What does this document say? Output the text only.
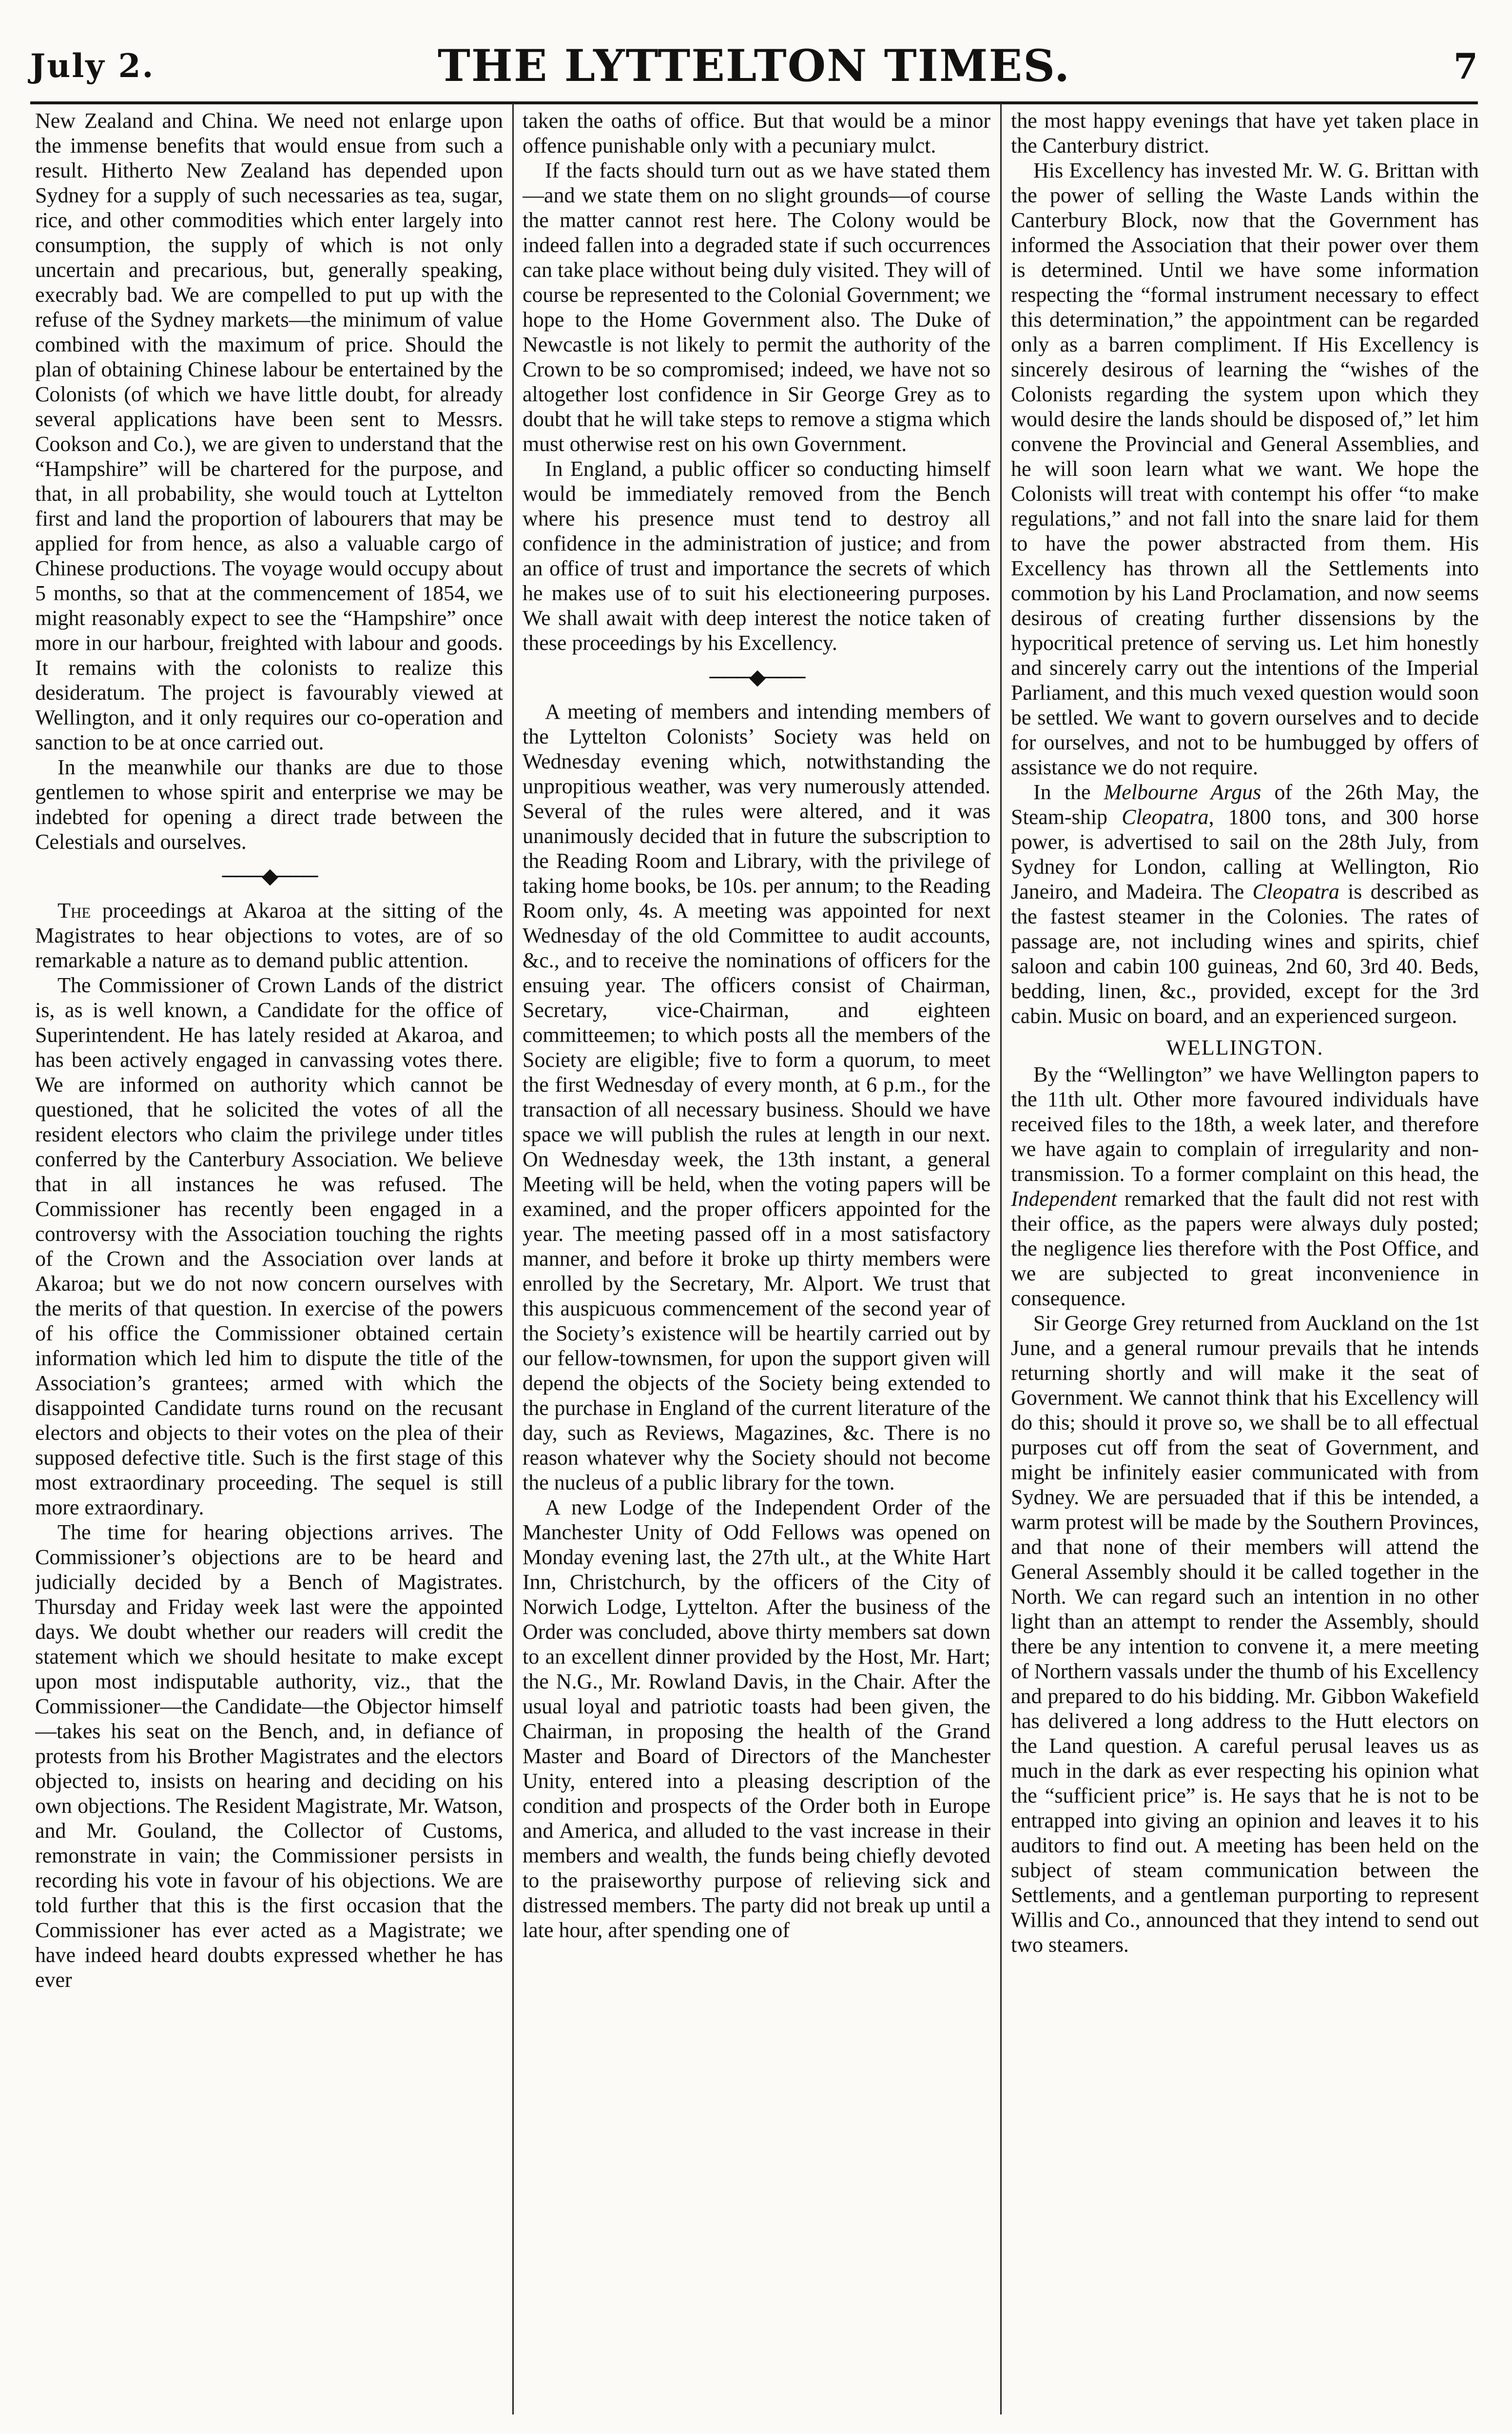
July 2.	THE LYTTELTON TIMES.	7

New Zealand and China. We need not enlarge upon the immense benefits that would ensue from such a result. Hitherto New Zealand has depended upon Sydney for a supply of such necessaries as tea, sugar, rice, and other commodities which enter largely into consumption, the supply of which is not only uncertain and precarious, but, generally speaking, execrably bad. We are compelled to put up with the refuse of the Sydney markets—the minimum of value combined with the maximum of price. Should the plan of obtaining Chinese labour be entertained by the Colonists (of which we have little doubt, for already several applications have been sent to Messrs. Cookson and Co.), we are given to understand that the “Hampshire” will be chartered for the purpose, and that, in all probability, she would touch at Lyttelton first and land the proportion of labourers that may be applied for from hence, as also a valuable cargo of Chinese productions. The voyage would occupy about 5 months, so that at the commencement of 1854, we might reasonably expect to see the “Hampshire” once more in our harbour, freighted with labour and goods. It remains with the colonists to realize this desideratum. The project is favourably viewed at Wellington, and it only requires our co-operation and sanction to be at once carried out.

In the meanwhile our thanks are due to those gentlemen to whose spirit and enterprise we may be indebted for opening a direct trade between the Celestials and ourselves.

───◆───

The proceedings at Akaroa at the sitting of the Magistrates to hear objections to votes, are of so remarkable a nature as to demand public attention.

The Commissioner of Crown Lands of the district is, as is well known, a Candidate for the office of Superintendent. He has lately resided at Akaroa, and has been actively engaged in canvassing votes there. We are informed on authority which cannot be questioned, that he solicited the votes of all the resident electors who claim the privilege under titles conferred by the Canterbury Association. We believe that in all instances he was refused. The Commissioner has recently been engaged in a controversy with the Association touching the rights of the Crown and the Association over lands at Akaroa; but we do not now concern ourselves with the merits of that question. In exercise of the powers of his office the Commissioner obtained certain information which led him to dispute the title of the Association’s grantees; armed with which the disappointed Candidate turns round on the recusant electors and objects to their votes on the plea of their supposed defective title. Such is the first stage of this most extraordinary proceeding. The sequel is still more extraordinary.

The time for hearing objections arrives. The Commissioner’s objections are to be heard and judicially decided by a Bench of Magistrates. Thursday and Friday week last were the appointed days. We doubt whether our readers will credit the statement which we should hesitate to make except upon most indisputable authority, viz., that the Commissioner—the Candidate—the Objector himself—takes his seat on the Bench, and, in defiance of protests from his Brother Magistrates and the electors objected to, insists on hearing and deciding on his own objections. The Resident Magistrate, Mr. Watson, and Mr. Gouland, the Collector of Customs, remonstrate in vain; the Commissioner persists in recording his vote in favour of his objections. We are told further that this is the first occasion that the Commissioner has ever acted as a Magistrate; we have indeed heard doubts expressed whether he has ever

taken the oaths of office. But that would be a minor offence punishable only with a pecuniary mulct.

If the facts should turn out as we have stated them—and we state them on no slight grounds—of course the matter cannot rest here. The Colony would be indeed fallen into a degraded state if such occurrences can take place without being duly visited. They will of course be represented to the Colonial Government; we hope to the Home Government also. The Duke of Newcastle is not likely to permit the authority of the Crown to be so compromised; indeed, we have not so altogether lost confidence in Sir George Grey as to doubt that he will take steps to remove a stigma which must otherwise rest on his own Government.

In England, a public officer so conducting himself would be immediately removed from the Bench where his presence must tend to destroy all confidence in the administration of justice; and from an office of trust and importance the secrets of which he makes use of to suit his electioneering purposes. We shall await with deep interest the notice taken of these proceedings by his Excellency.

───◆───

A meeting of members and intending members of the Lyttelton Colonists’ Society was held on Wednesday evening which, notwithstanding the unpropitious weather, was very numerously attended. Several of the rules were altered, and it was unanimously decided that in future the subscription to the Reading Room and Library, with the privilege of taking home books, be 10s. per annum; to the Reading Room only, 4s. A meeting was appointed for next Wednesday of the old Committee to audit accounts, &c., and to receive the nominations of officers for the ensuing year. The officers consist of Chairman, Secretary, vice-Chairman, and eighteen committeemen; to which posts all the members of the Society are eligible; five to form a quorum, to meet the first Wednesday of every month, at 6 p.m., for the transaction of all necessary business. Should we have space we will publish the rules at length in our next. On Wednesday week, the 13th instant, a general Meeting will be held, when the voting papers will be examined, and the proper officers appointed for the year. The meeting passed off in a most satisfactory manner, and before it broke up thirty members were enrolled by the Secretary, Mr. Alport. We trust that this auspicuous commencement of the second year of the Society’s existence will be heartily carried out by our fellow-townsmen, for upon the support given will depend the objects of the Society being extended to the purchase in England of the current literature of the day, such as Reviews, Magazines, &c. There is no reason whatever why the Society should not become the nucleus of a public library for the town.

A new Lodge of the Independent Order of the Manchester Unity of Odd Fellows was opened on Monday evening last, the 27th ult., at the White Hart Inn, Christchurch, by the officers of the City of Norwich Lodge, Lyttelton. After the business of the Order was concluded, above thirty members sat down to an excellent dinner provided by the Host, Mr. Hart; the N.G., Mr. Rowland Davis, in the Chair. After the usual loyal and patriotic toasts had been given, the Chairman, in proposing the health of the Grand Master and Board of Directors of the Manchester Unity, entered into a pleasing description of the condition and prospects of the Order both in Europe and America, and alluded to the vast increase in their members and wealth, the funds being chiefly devoted to the praiseworthy purpose of relieving sick and distressed members. The party did not break up until a late hour, after spending one of

the most happy evenings that have yet taken place in the Canterbury district.

His Excellency has invested Mr. W. G. Brittan with the power of selling the Waste Lands within the Canterbury Block, now that the Government has informed the Association that their power over them is determined. Until we have some information respecting the “formal instrument necessary to effect this determination,” the appointment can be regarded only as a barren compliment. If His Excellency is sincerely desirous of learning the “wishes of the Colonists regarding the system upon which they would desire the lands should be disposed of,” let him convene the Provincial and General Assemblies, and he will soon learn what we want. We hope the Colonists will treat with contempt his offer “to make regulations,” and not fall into the snare laid for them to have the power abstracted from them. His Excellency has thrown all the Settlements into commotion by his Land Proclamation, and now seems desirous of creating further dissensions by the hypocritical pretence of serving us. Let him honestly and sincerely carry out the intentions of the Imperial Parliament, and this much vexed question would soon be settled. We want to govern ourselves and to decide for ourselves, and not to be humbugged by offers of assistance we do not require.

In the Melbourne Argus of the 26th May, the Steam-ship Cleopatra, 1800 tons, and 300 horse power, is advertised to sail on the 28th July, from Sydney for London, calling at Wellington, Rio Janeiro, and Madeira. The Cleopatra is described as the fastest steamer in the Colonies. The rates of passage are, not including wines and spirits, chief saloon and cabin 100 guineas, 2nd 60, 3rd 40. Beds, bedding, linen, &c., provided, except for the 3rd cabin. Music on board, and an experienced surgeon.

WELLINGTON.

By the “Wellington” we have Wellington papers to the 11th ult. Other more favoured individuals have received files to the 18th, a week later, and therefore we have again to complain of irregularity and non-transmission. To a former complaint on this head, the Independent remarked that the fault did not rest with their office, as the papers were always duly posted; the negligence lies therefore with the Post Office, and we are subjected to great inconvenience in consequence.

Sir George Grey returned from Auckland on the 1st June, and a general rumour prevails that he intends returning shortly and will make it the seat of Government. We cannot think that his Excellency will do this; should it prove so, we shall be to all effectual purposes cut off from the seat of Government, and might be infinitely easier communicated with from Sydney. We are persuaded that if this be intended, a warm protest will be made by the Southern Provinces, and that none of their members will attend the General Assembly should it be called together in the North. We can regard such an intention in no other light than an attempt to render the Assembly, should there be any intention to convene it, a mere meeting of Northern vassals under the thumb of his Excellency and prepared to do his bidding. Mr. Gibbon Wakefield has delivered a long address to the Hutt electors on the Land question. A careful perusal leaves us as much in the dark as ever respecting his opinion what the “sufficient price” is. He says that he is not to be entrapped into giving an opinion and leaves it to his auditors to find out. A meeting has been held on the subject of steam communication between the Settlements, and a gentleman purporting to represent Willis and Co., announced that they intend to send out two steamers.
